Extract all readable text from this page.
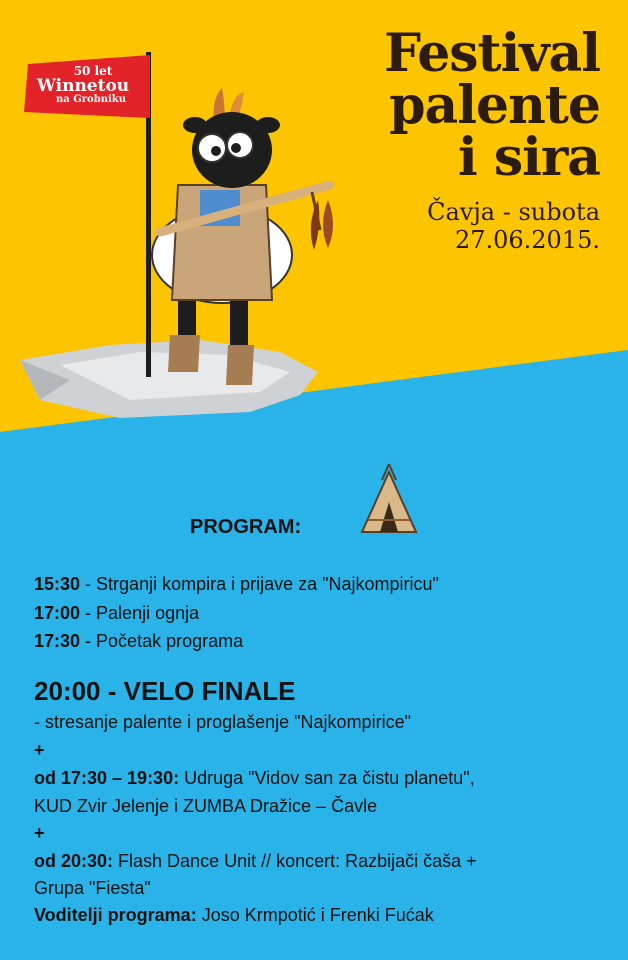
50 let
Winnetou
na Grobniku
Festival
palente
i sira
Čavja - subota
27.06.2015.
PROGRAM:
15:30 - Strganji kompira i prijave za "Najkompiricu"
17:00 - Palenji ognja
17:30 - Početak programa
20:00 - VELO FINALE
- stresanje palente i proglašenje "Najkompirice"
+
od 17:30 – 19:30: Udruga "Vidov san za čistu planetu",
KUD Zvir Jelenje i ZUMBA Dražice – Čavle
+
od 20:30: Flash Dance Unit // koncert: Razbijači čaša +
Grupa "Fiesta"
Voditelji programa: Joso Krmpotić i Frenki Fućak
